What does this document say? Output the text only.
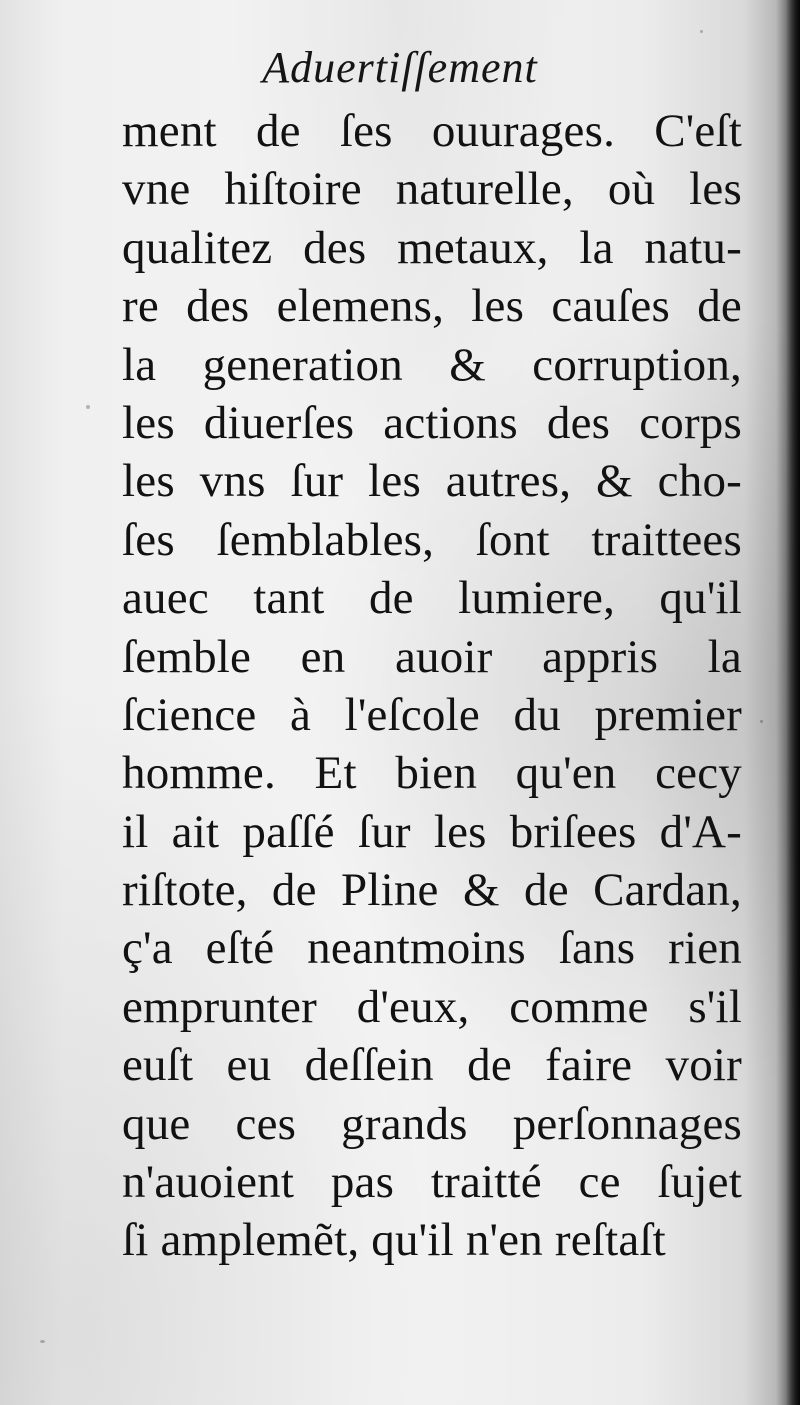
Aduertiſſement
ment de ſes ouurages. C'eſt
vne hiſtoire naturelle, où les
qualitez des metaux, la natu-
re des elemens, les cauſes de
la generation & corruption,
les diuerſes actions des corps
les vns ſur les autres, & cho-
ſes ſemblables, ſont traittees
auec tant de lumiere, qu'il
ſemble en auoir appris la
ſcience à l'eſcole du premier
homme. Et bien qu'en cecy
il ait paſſé ſur les briſees d'A-
riſtote, de Pline & de Cardan,
ç'a eſté neantmoins ſans rien
emprunter d'eux, comme s'il
euſt eu deſſein de faire voir
que ces grands perſonnages
n'auoient pas traitté ce ſujet
ſi amplemẽt, qu'il n'en reſtaſt
